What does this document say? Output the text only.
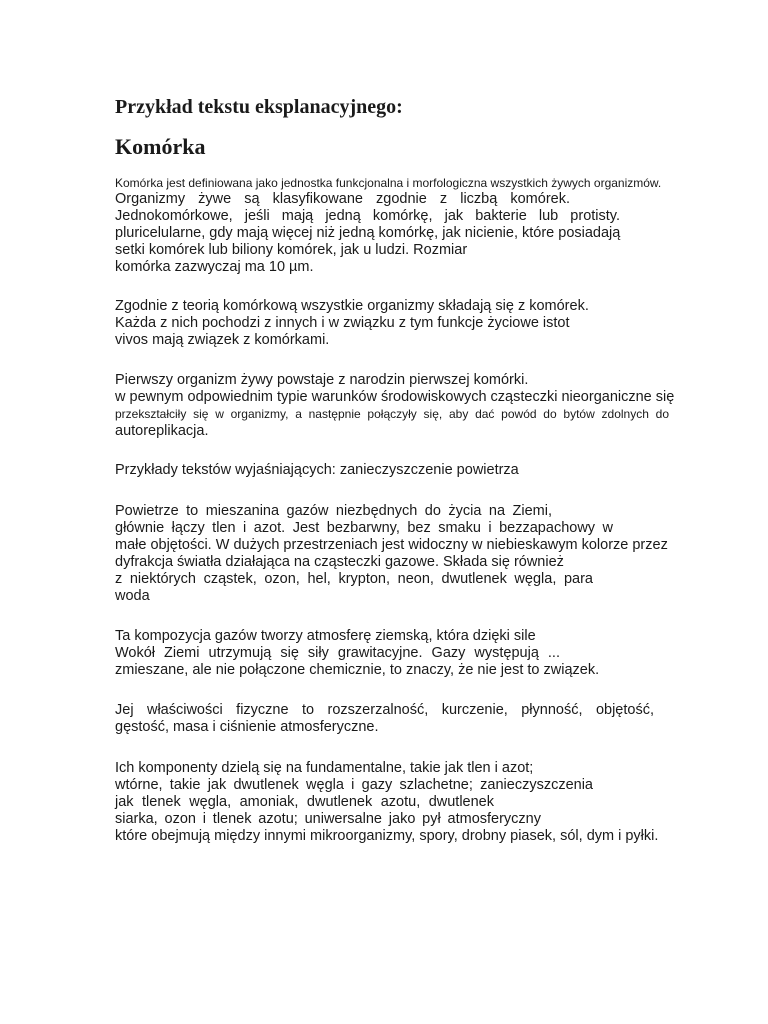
Przykład tekstu eksplanacyjnego:
Komórka
Komórka jest definiowana jako jednostka funkcjonalna i morfologiczna wszystkich żywych organizmów.
Organizmy żywe są klasyfikowane zgodnie z liczbą komórek.
Jednokomórkowe, jeśli mają jedną komórkę, jak bakterie lub protisty.
pluricelularne, gdy mają więcej niż jedną komórkę, jak nicienie, które posiadają
setki komórek lub biliony komórek, jak u ludzi. Rozmiar
komórka zazwyczaj ma 10 µm.
Zgodnie z teorią komórkową wszystkie organizmy składają się z komórek.
Każda z nich pochodzi z innych i w związku z tym funkcje życiowe istot
vivos mają związek z komórkami.
Pierwszy organizm żywy powstaje z narodzin pierwszej komórki.
w pewnym odpowiednim typie warunków środowiskowych cząsteczki nieorganiczne się
przekształciły się w organizmy, a następnie połączyły się, aby dać powód do bytów zdolnych do
autoreplikacja.
Przykłady tekstów wyjaśniających: zanieczyszczenie powietrza
Powietrze to mieszanina gazów niezbędnych do życia na Ziemi,
głównie łączy tlen i azot. Jest bezbarwny, bez smaku i bezzapachowy w
małe objętości. W dużych przestrzeniach jest widoczny w niebieskawym kolorze przez
dyfrakcja światła działająca na cząsteczki gazowe. Składa się również
z niektórych cząstek, ozon, hel, krypton, neon, dwutlenek węgla, para
woda
Ta kompozycja gazów tworzy atmosferę ziemską, która dzięki sile
Wokół Ziemi utrzymują się siły grawitacyjne. Gazy występują ...
zmieszane, ale nie połączone chemicznie, to znaczy, że nie jest to związek.
Jej właściwości fizyczne to rozszerzalność, kurczenie, płynność, objętość,
gęstość, masa i ciśnienie atmosferyczne.
Ich komponenty dzielą się na fundamentalne, takie jak tlen i azot;
wtórne, takie jak dwutlenek węgla i gazy szlachetne; zanieczyszczenia
jak tlenek węgla, amoniak, dwutlenek azotu, dwutlenek
siarka, ozon i tlenek azotu; uniwersalne jako pył atmosferyczny
które obejmują między innymi mikroorganizmy, spory, drobny piasek, sól, dym i pyłki.
